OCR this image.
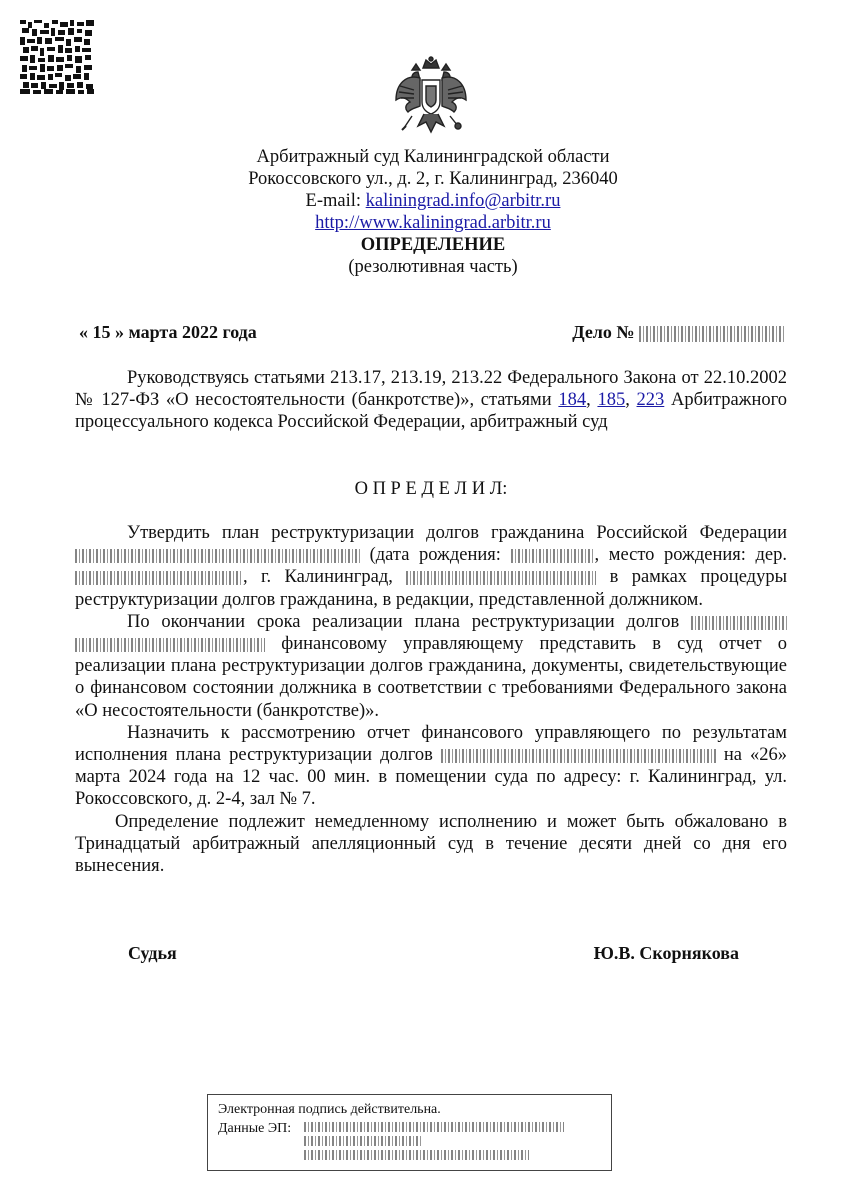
Арбитражный суд Калининградской области
Рокоссовского ул., д. 2, г. Калининград, 236040
E-mail: kaliningrad.info@arbitr.ru
http://www.kaliningrad.arbitr.ru
ОПРЕДЕЛЕНИЕ
(резолютивная часть)
« 15 » марта 2022 года	Дело №

Руководствуясь статьями 213.17, 213.19, 213.22 Федерального Закона от 22.10.2002 № 127-ФЗ «О несостоятельности (банкротстве)», статьями 184, 185, 223 Арбитражного процессуального кодекса Российской Федерации, арбитражный суд

О П Р Е Д Е Л И Л:

Утвердить план реструктуризации долгов гражданина Российской Федерации  (дата рождения:	, место рождения: дер. , г. Калининград,	в рамках процедуры реструктуризации долгов гражданина, в редакции, представленной должником.

По окончании срока реализации плана реструктуризации долгов   финансовому управляющему представить в суд отчет о реализации плана реструктуризации долгов гражданина, документы, свидетельствующие о финансовом состоянии должника в соответствии с требованиями Федерального закона «О несостоятельности (банкротстве)».

Назначить к рассмотрению отчет финансового управляющего по результатам исполнения плана реструктуризации долгов	на «26» марта 2024 года на 12 час. 00 мин. в помещении суда по адресу: г. Калининград, ул. Рокоссовского, д. 2-4, зал № 7.

Определение подлежит немедленному исполнению и может быть обжаловано в Тринадцатый арбитражный апелляционный суд в течение десяти дней со дня его вынесения.

Судья	Ю.В. Скорнякова
Электронная подпись действительна.
Данные ЭП:
